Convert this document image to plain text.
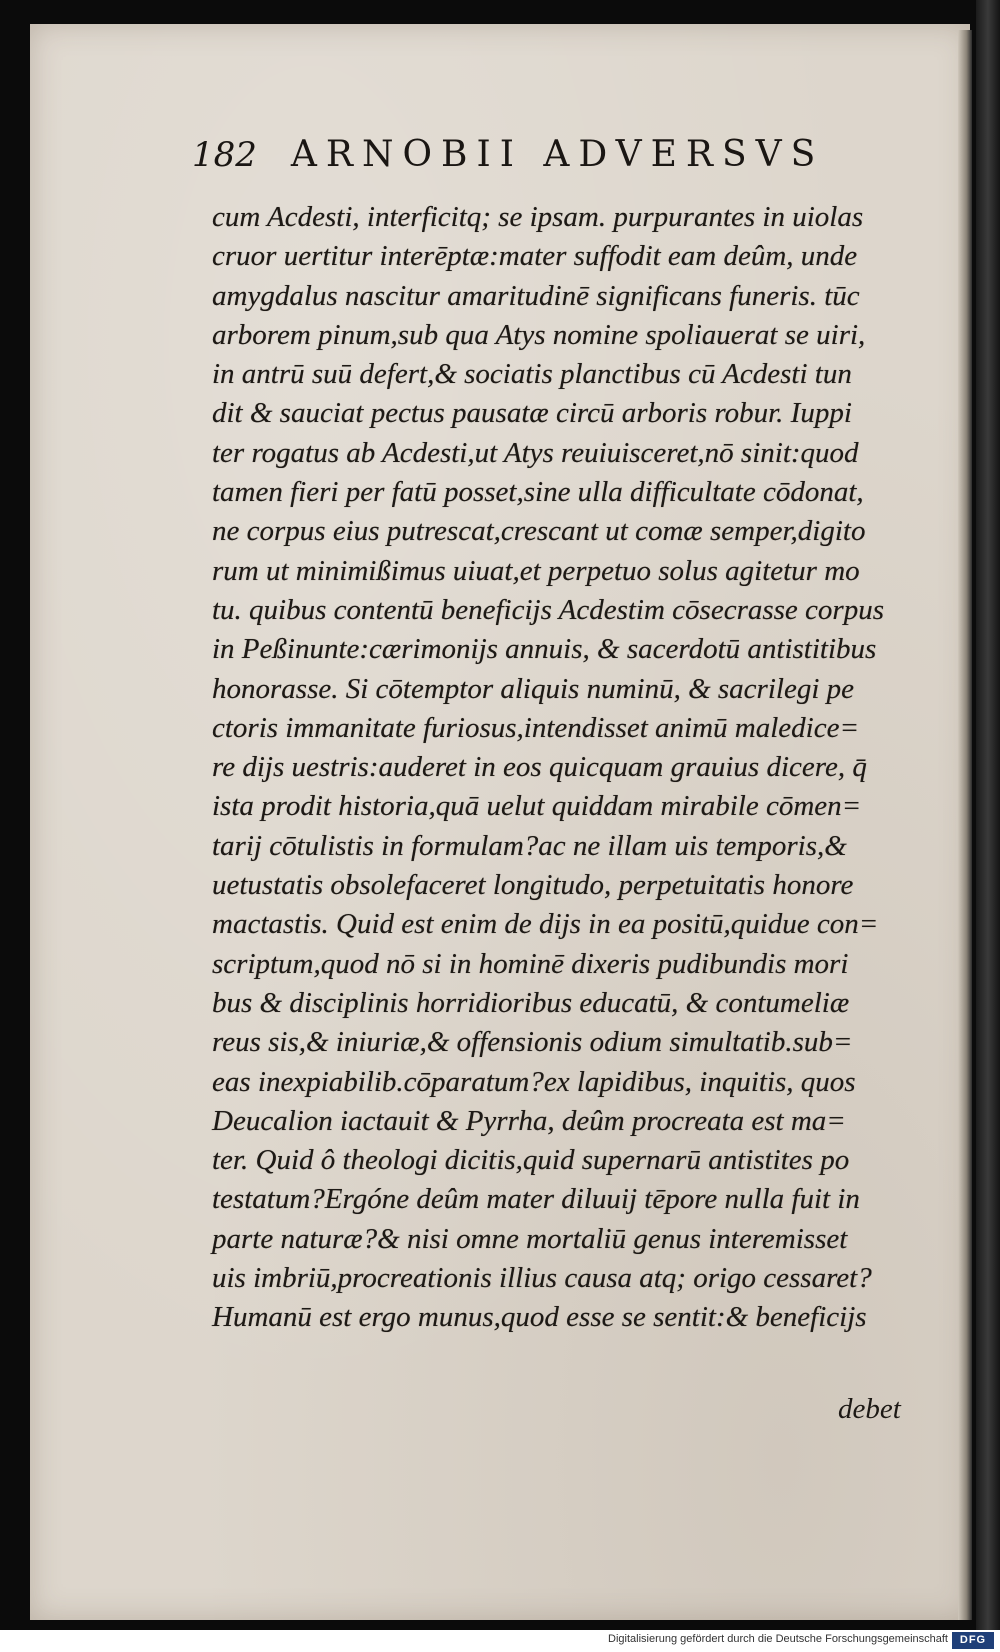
182 ARNOBII ADVERSVS
cum Acdesti, interficitq; se ipsam. purpurantes in uiolas
cruor uertitur interēptæ:mater suffodit eam deûm, unde
amygdalus nascitur amaritudinē significans funeris. tūc
arborem pinum,sub qua Atys nomine spoliauerat se uiri,
in antrū suū defert,& sociatis planctibus cū Acdesti tun
dit & sauciat pectus pausatæ circū arboris robur. Iuppi
ter rogatus ab Acdesti,ut Atys reuiuisceret,nō sinit:quod
tamen fieri per fatū posset,sine ulla difficultate cōdonat,
ne corpus eius putrescat,crescant ut comæ semper,digito
rum ut minimißimus uiuat,et perpetuo solus agitetur mo
tu. quibus contentū beneficijs Acdestim cōsecrasse corpus
in Peßinunte:cærimonijs annuis, & sacerdotū antistitibus
honorasse. Si cōtemptor aliquis numinū, & sacrilegi pe
ctoris immanitate furiosus,intendisset animū maledice=
re dijs uestris:auderet in eos quicquam grauius dicere, q̄
ista prodit historia,quā uelut quiddam mirabile cōmen=
tarij cōtulistis in formulam?ac ne illam uis temporis,&
uetustatis obsolefaceret longitudo, perpetuitatis honore
mactastis. Quid est enim de dijs in ea positū,quidue con=
scriptum,quod nō si in hominē dixeris pudibundis mori
bus & disciplinis horridioribus educatū, & contumeliæ
reus sis,& iniuriæ,& offensionis odium simultatib.sub=
eas inexpiabilib.cōparatum?ex lapidibus, inquitis, quos
Deucalion iactauit & Pyrrha, deûm procreata est ma=
ter. Quid ô theologi dicitis,quid supernarū antistites po
testatum?Ergóne deûm mater diluuij tēpore nulla fuit in
parte naturæ?& nisi omne mortaliū genus interemisset
uis imbriū,procreationis illius causa atq; origo cessaret?
Humanū est ergo munus,quod esse se sentit:& beneficijs
debet
Digitalisierung gefördert durch die Deutsche Forschungsgemeinschaft	DFG
